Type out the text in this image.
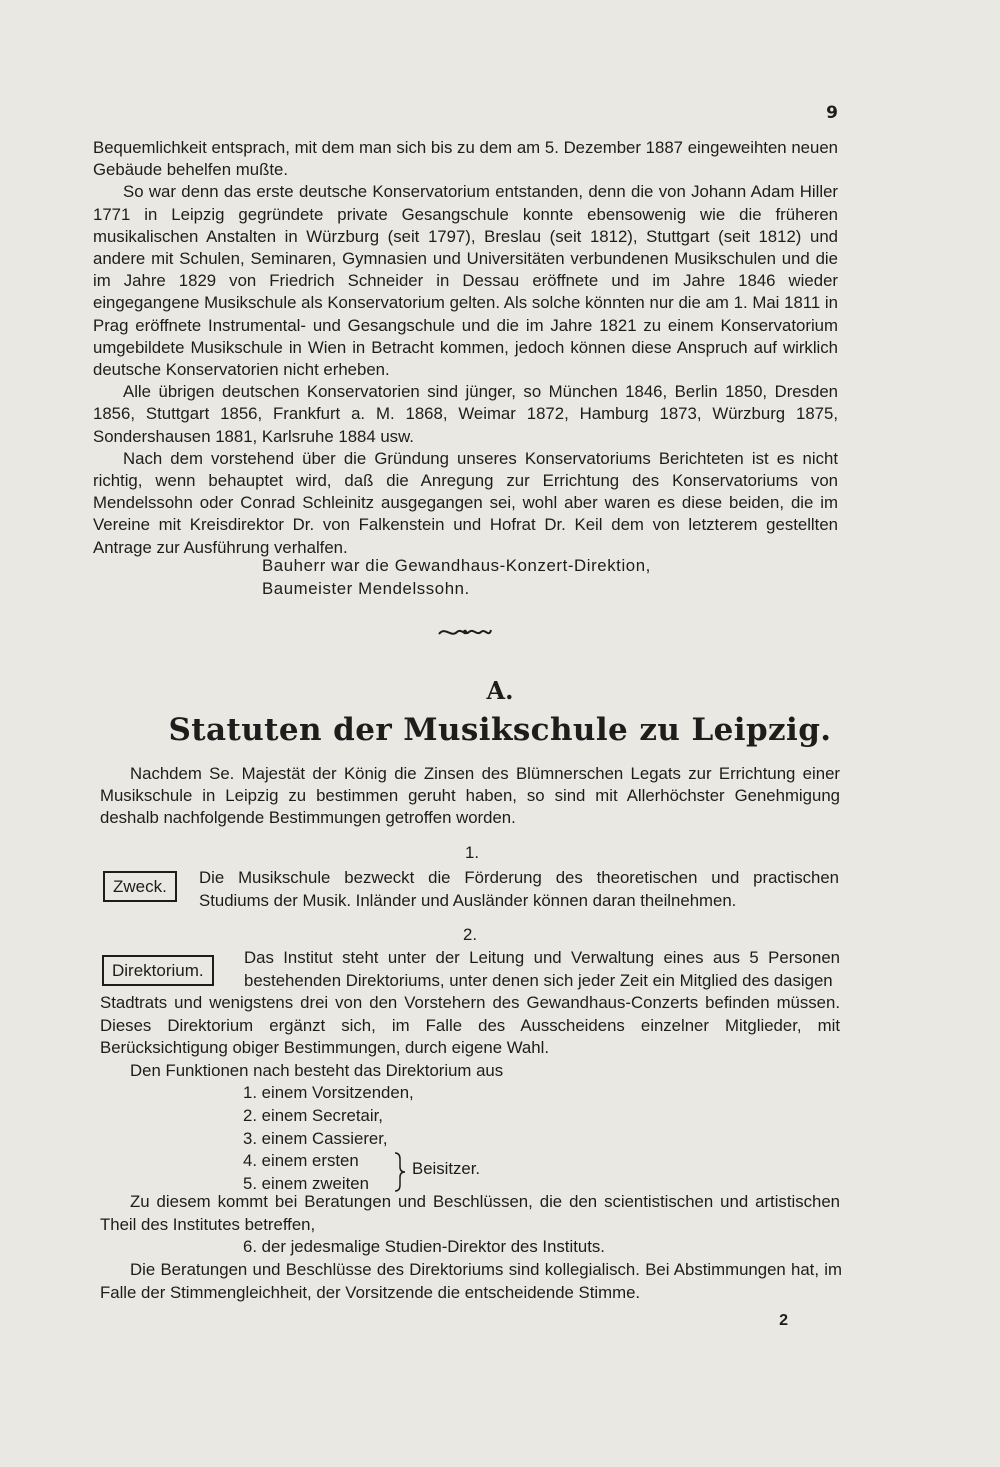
9

Bequemlichkeit entsprach, mit dem man sich bis zu dem am 5. Dezember 1887 eingeweihten neuen Gebäude behelfen mußte.

So war denn das erste deutsche Konservatorium entstanden, denn die von Johann Adam Hiller 1771 in Leipzig gegründete private Gesangschule konnte ebensowenig wie die früheren musikalischen Anstalten in Würzburg (seit 1797), Breslau (seit 1812), Stuttgart (seit 1812) und andere mit Schulen, Seminaren, Gymnasien und Universitäten verbundenen Musikschulen und die im Jahre 1829 von Friedrich Schneider in Dessau eröffnete und im Jahre 1846 wieder eingegangene Musikschule als Konservatorium gelten. Als solche könnten nur die am 1. Mai 1811 in Prag eröffnete Instrumental- und Gesangschule und die im Jahre 1821 zu einem Konservatorium umgebildete Musikschule in Wien in Betracht kommen, jedoch können diese Anspruch auf wirklich deutsche Konservatorien nicht erheben.

Alle übrigen deutschen Konservatorien sind jünger, so München 1846, Berlin 1850, Dresden 1856, Stuttgart 1856, Frankfurt a. M. 1868, Weimar 1872, Hamburg 1873, Würzburg 1875, Sondershausen 1881, Karlsruhe 1884 usw.

Nach dem vorstehend über die Gründung unseres Konservatoriums Berichteten ist es nicht richtig, wenn behauptet wird, daß die Anregung zur Errichtung des Konservatoriums von Mendelssohn oder Conrad Schleinitz ausgegangen sei, wohl aber waren es diese beiden, die im Vereine mit Kreisdirektor Dr. von Falkenstein und Hofrat Dr. Keil dem von letzterem gestellten Antrage zur Ausführung verhalfen.

Bauherr war die Gewandhaus-Konzert-Direktion,
Baumeister Mendelssohn.
A.
Statuten der Musikschule zu Leipzig.
Nachdem Se. Majestät der König die Zinsen des Blümnerschen Legats zur Errichtung einer Musikschule in Leipzig zu bestimmen geruht haben, so sind mit Allerhöchster Genehmigung deshalb nachfolgende Bestimmungen getroffen worden.
1.
Zweck.	Die Musikschule bezweckt die Förderung des theoretischen und practischen Studiums der Musik. Inländer und Ausländer können daran theilnehmen.
2.
Direktorium.
Das Institut steht unter der Leitung und Verwaltung eines aus 5 Personen bestehenden Direktoriums, unter denen sich jeder Zeit ein Mitglied des dasigen

Stadtrats und wenigstens drei von den Vorstehern des Gewandhaus-Conzerts befinden müssen. Dieses Direktorium ergänzt sich, im Falle des Ausscheidens einzelner Mitglieder, mit Berücksichtigung obiger Bestimmungen, durch eigene Wahl.

Den Funktionen nach besteht das Direktorium aus

1. einem Vorsitzenden,
2. einem Secretair,
3. einem Cassierer,
4. einem ersten
5. einem zweiten
Beisitzer.
Zu diesem kommt bei Beratungen und Beschlüssen, die den scientistischen und artistischen Theil des Institutes betreffen,
6. der jedesmalige Studien-Direktor des Instituts.
Die Beratungen und Beschlüsse des Direktoriums sind kollegialisch. Bei Abstimmungen hat, im Falle der Stimmengleichheit, der Vorsitzende die entscheidende Stimme.
2
